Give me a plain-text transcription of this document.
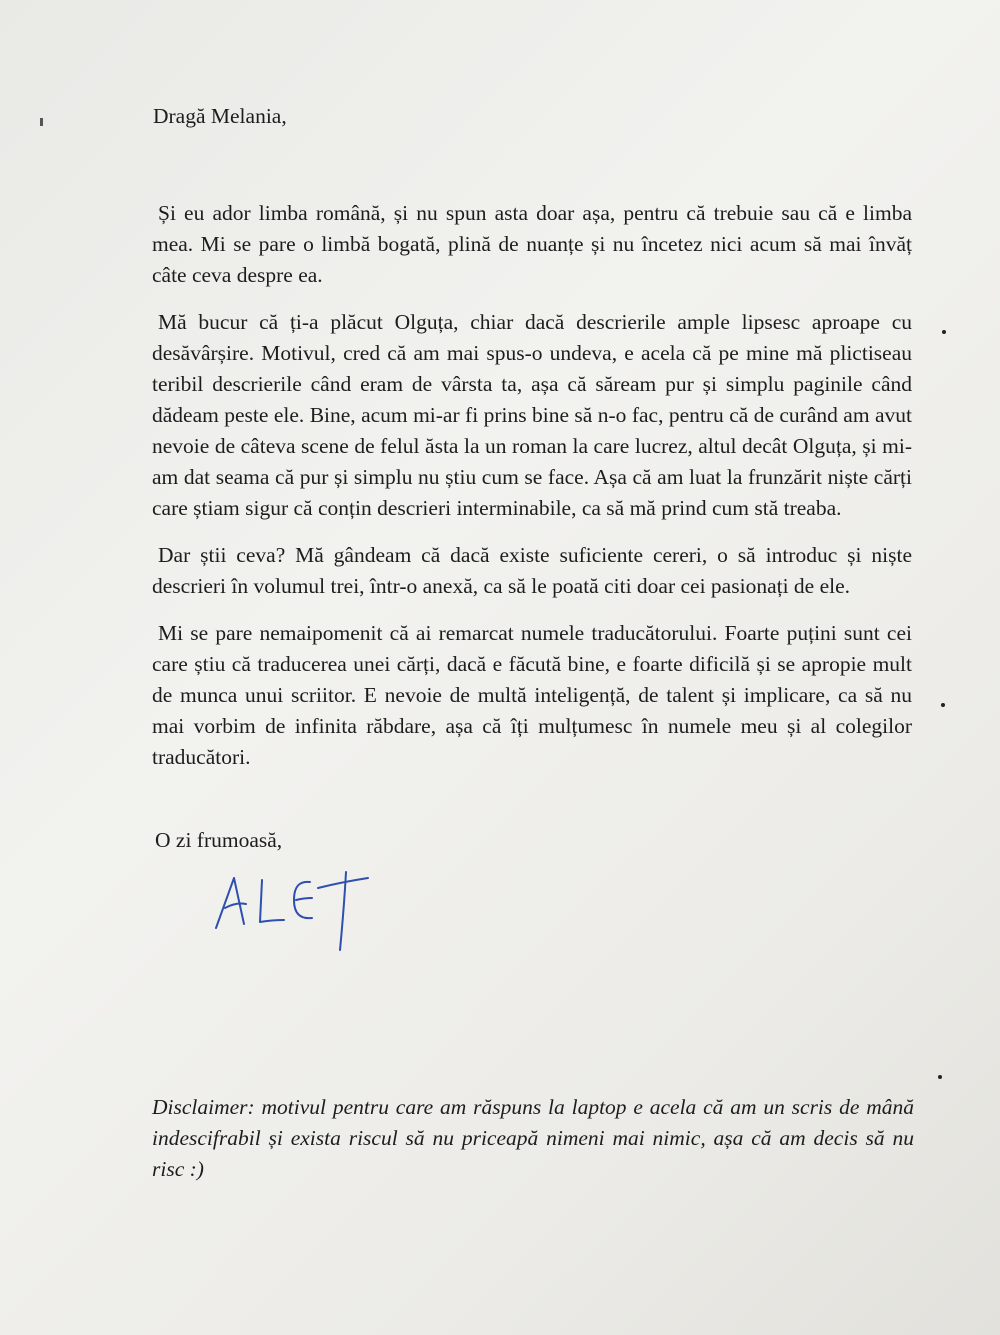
Dragă Melania,

Și eu ador limba română, și nu spun asta doar așa, pentru că trebuie sau că e limba mea. Mi se pare o limbă bogată, plină de nuanțe și nu încetez nici acum să mai învăț câte ceva despre ea.

Mă bucur că ți-a plăcut Olguța, chiar dacă descrierile ample lipsesc aproape cu desăvârșire. Motivul, cred că am mai spus-o undeva, e acela că pe mine mă plictiseau teribil descrierile când eram de vârsta ta, așa că săream pur și simplu paginile când dădeam peste ele. Bine, acum mi-ar fi prins bine să n-o fac, pentru că de curând am avut nevoie de câteva scene de felul ăsta la un roman la care lucrez, altul decât Olguța, și mi-am dat seama că pur și simplu nu știu cum se face. Așa că am luat la frunzărit niște cărți care știam sigur că conțin descrieri interminabile, ca să mă prind cum stă treaba.

Dar știi ceva? Mă gândeam că dacă existe suficiente cereri, o să introduc și niște descrieri în volumul trei, într-o anexă, ca să le poată citi doar cei pasionați de ele.

Mi se pare nemaipomenit că ai remarcat numele traducătorului. Foarte puțini sunt cei care știu că traducerea unei cărți, dacă e făcută bine, e foarte dificilă și se apropie mult de munca unui scriitor. E nevoie de multă inteligență, de talent și implicare, ca să nu mai vorbim de infinita răbdare, așa că îți mulțumesc în numele meu și al colegilor traducători.

O zi frumoasă,

Disclaimer: motivul pentru care am răspuns la laptop e acela că am un scris de mână indescifrabil și exista riscul să nu priceapă nimeni mai nimic, așa că am decis să nu risc :)
